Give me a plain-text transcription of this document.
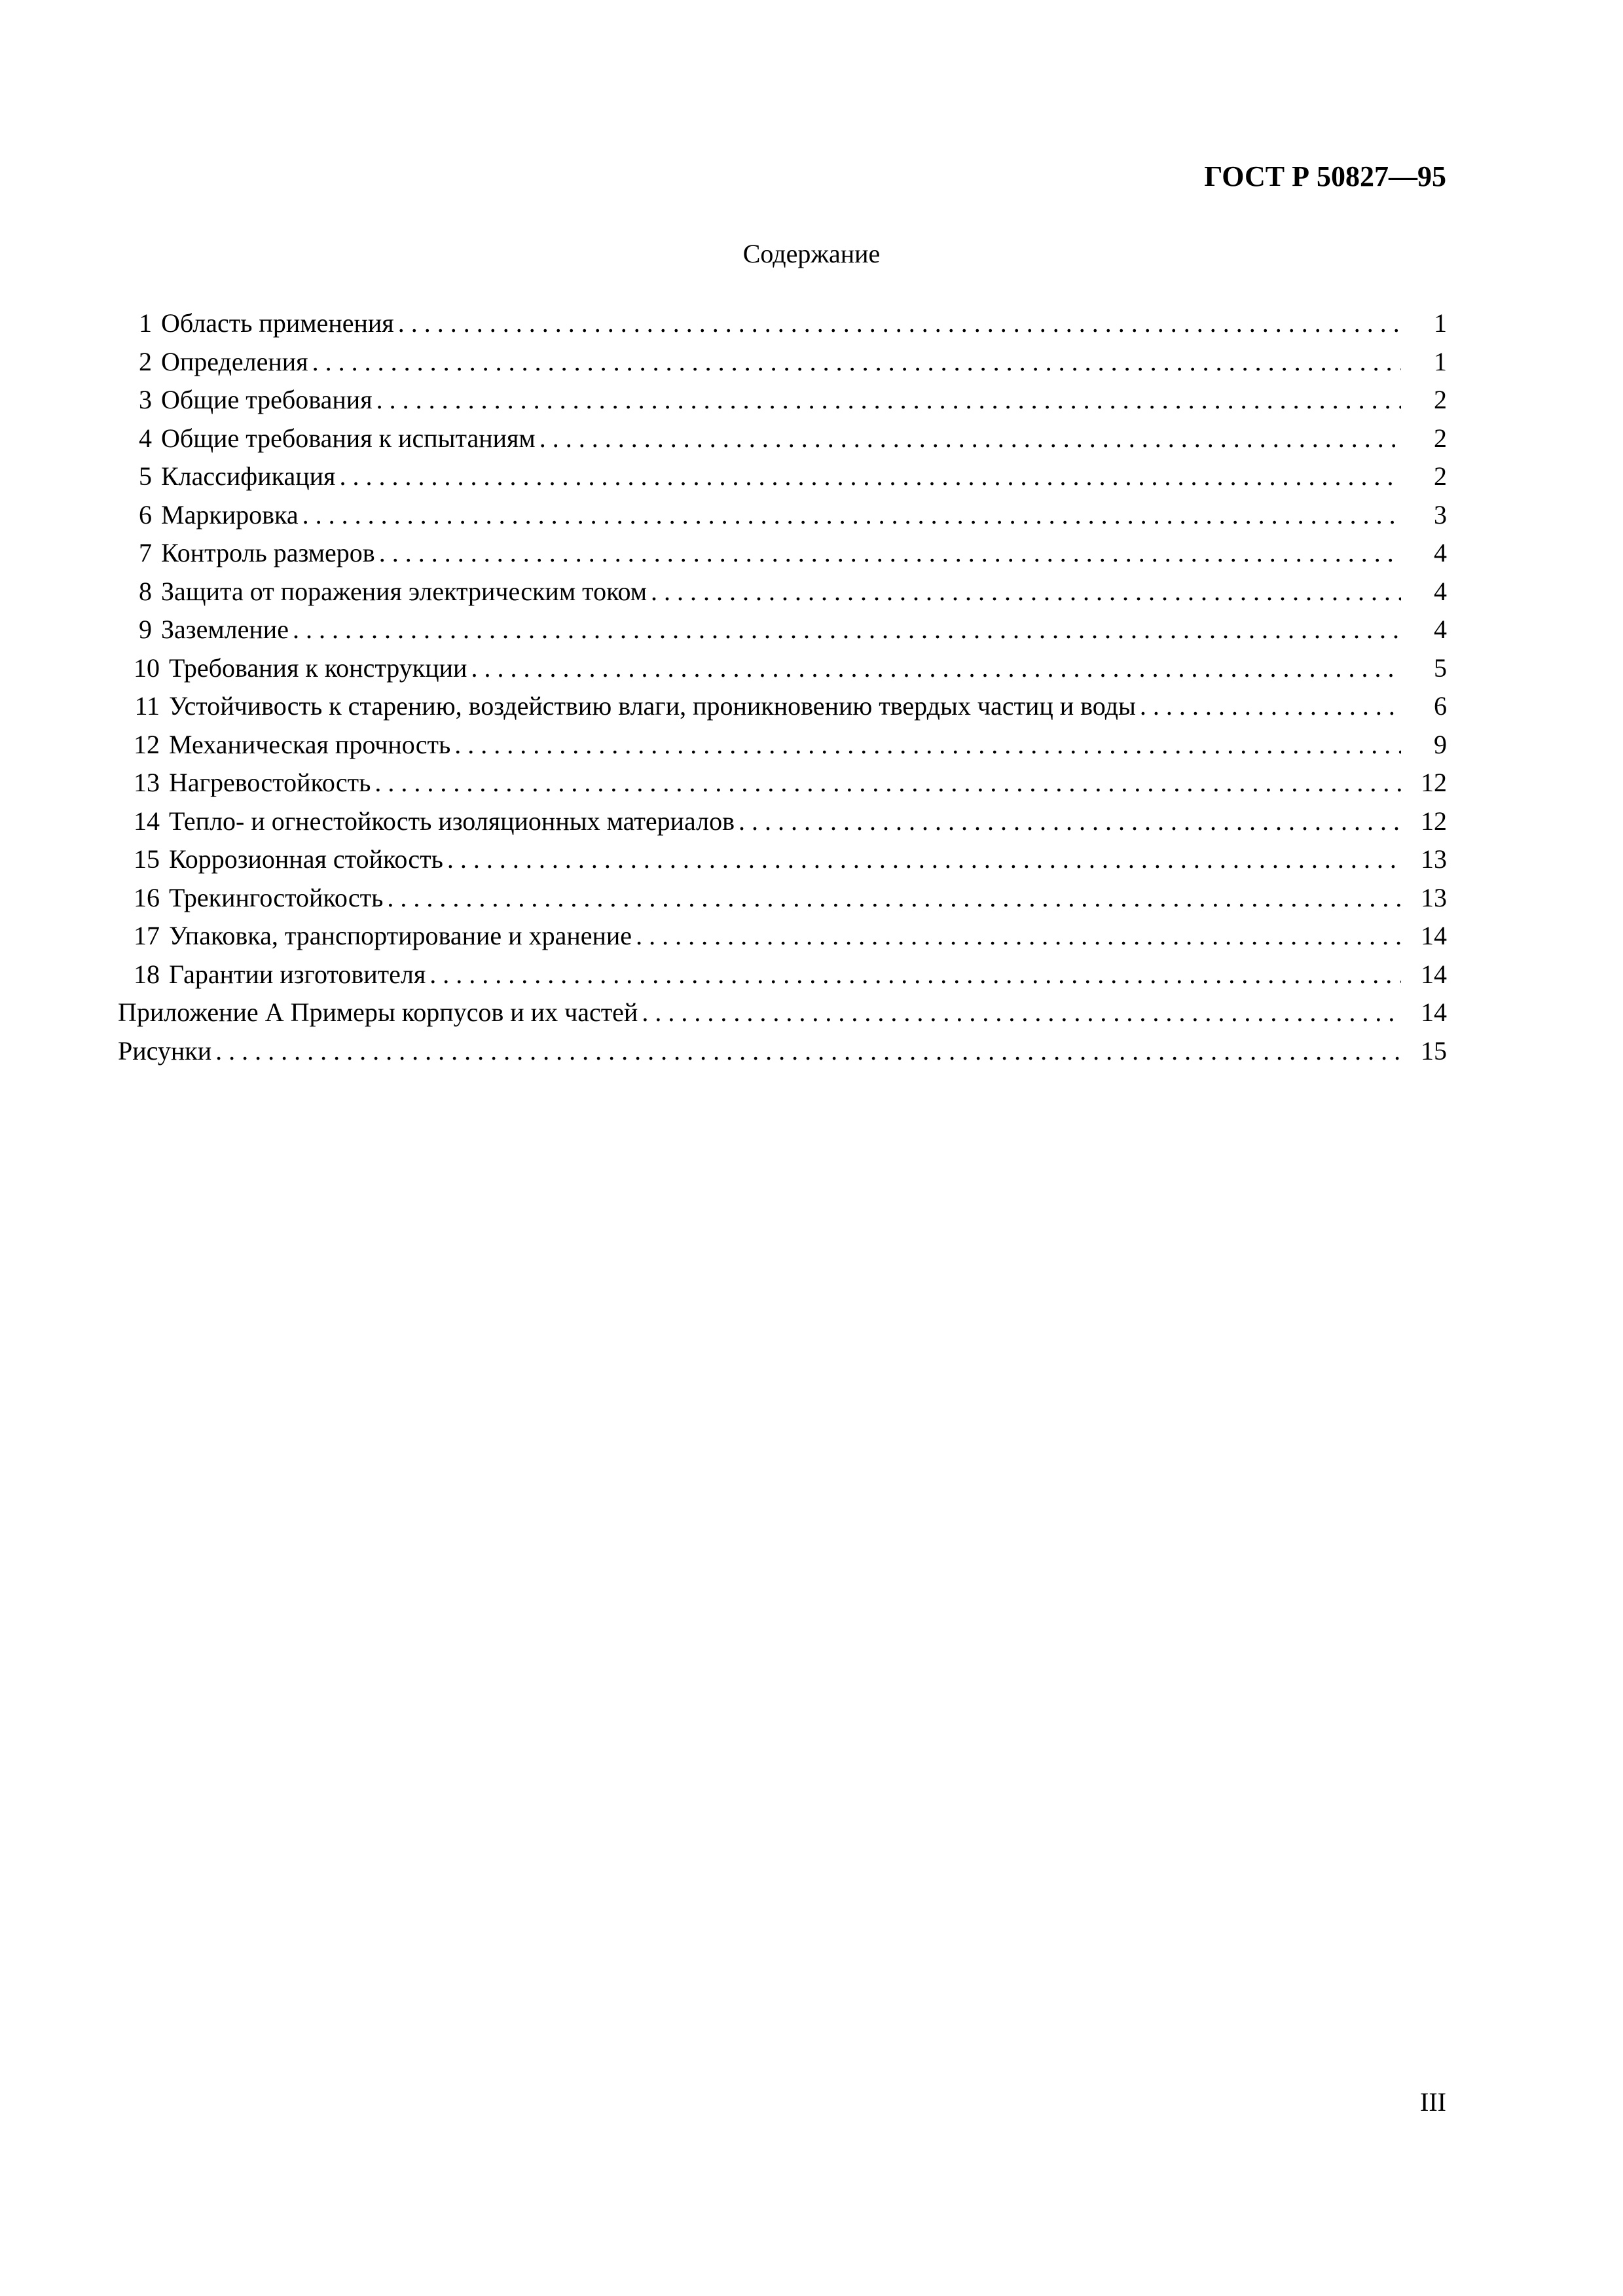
ГОСТ Р 50827—95
Содержание
1 Область применения . . .	1
2 Определения . . .	1
3 Общие требования . . .	2
4 Общие требования к испытаниям . . .	2
5 Классификация . . .	2
6 Маркировка . . .	3
7 Контроль размеров . . .	4
8 Защита от поражения электрическим током . . .	4
9 Заземление . . .	4
10 Требования к конструкции . . .	5
11 Устойчивость к старению, воздействию влаги, проникновению твердых частиц и воды . . .	6
12 Механическая прочность . . .	9
13 Нагревостойкость . . .	12
14 Тепло- и огнестойкость изоляционных материалов . . .	12
15 Коррозионная стойкость . . .	13
16 Трекингостойкость . . .	13
17 Упаковка, транспортирование и хранение . . .	14
18 Гарантии изготовителя . . .	14
Приложение А Примеры корпусов и их частей . . .	14
Рисунки . . .	15
III
